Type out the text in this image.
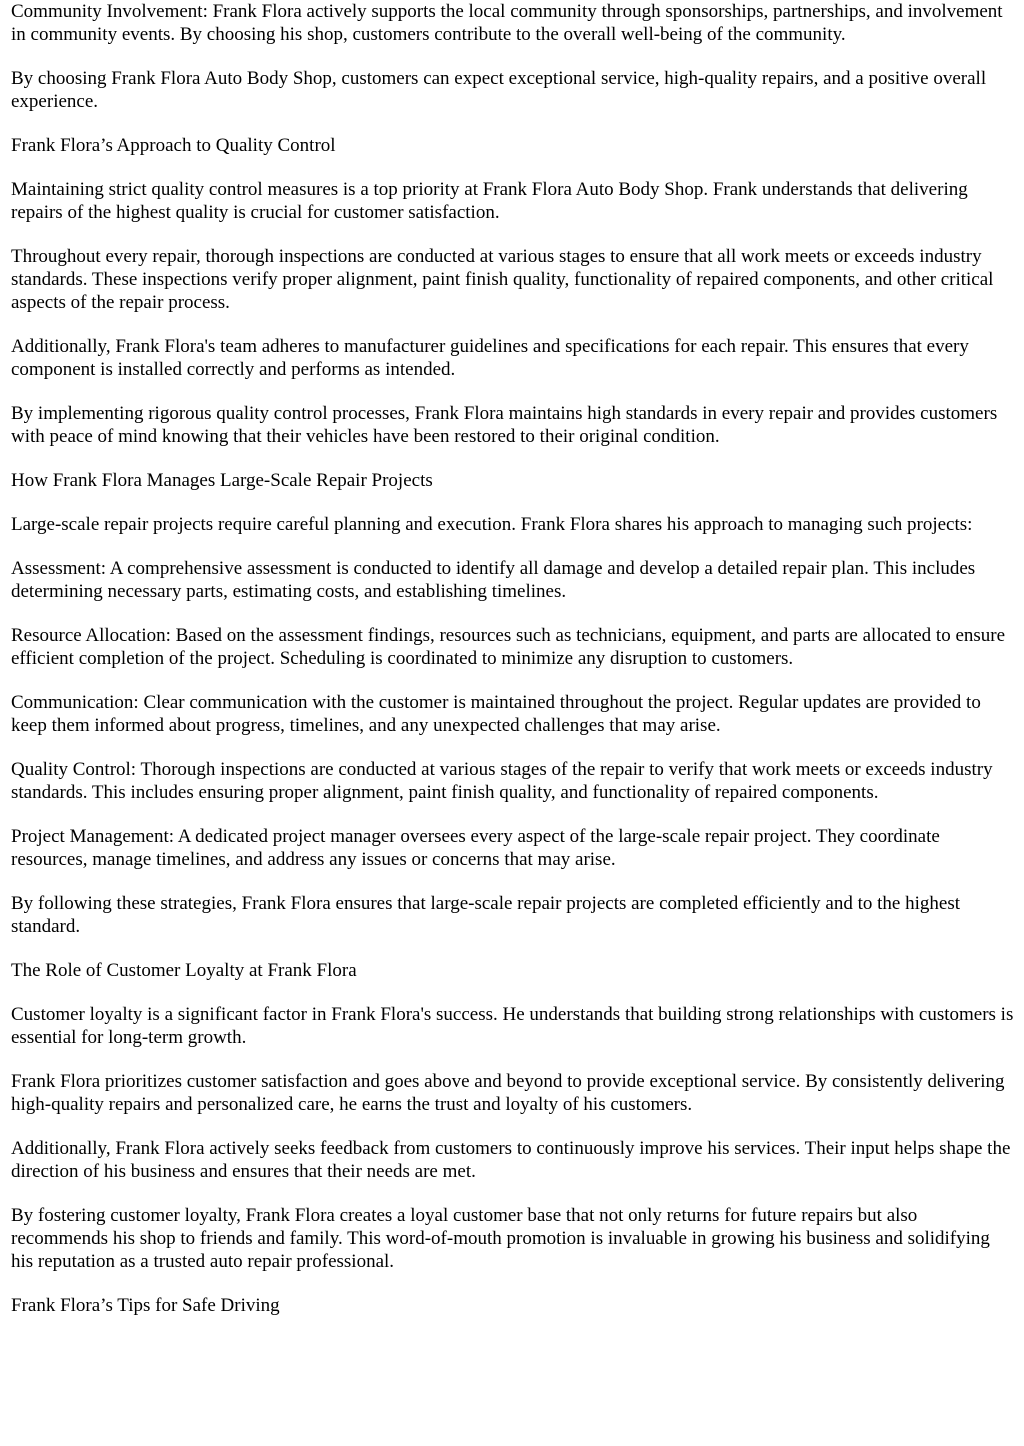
Community Involvement: Frank Flora actively supports the local community through sponsorships, partnerships, and involvement in community events. By choosing his shop, customers contribute to the overall well-being of the community.

By choosing Frank Flora Auto Body Shop, customers can expect exceptional service, high-quality repairs, and a positive overall experience.

Frank Flora’s Approach to Quality Control

Maintaining strict quality control measures is a top priority at Frank Flora Auto Body Shop. Frank understands that delivering repairs of the highest quality is crucial for customer satisfaction.

Throughout every repair, thorough inspections are conducted at various stages to ensure that all work meets or exceeds industry standards. These inspections verify proper alignment, paint finish quality, functionality of repaired components, and other critical aspects of the repair process.

Additionally, Frank Flora's team adheres to manufacturer guidelines and specifications for each repair. This ensures that every component is installed correctly and performs as intended.

By implementing rigorous quality control processes, Frank Flora maintains high standards in every repair and provides customers with peace of mind knowing that their vehicles have been restored to their original condition.

How Frank Flora Manages Large-Scale Repair Projects

Large-scale repair projects require careful planning and execution. Frank Flora shares his approach to managing such projects:

Assessment: A comprehensive assessment is conducted to identify all damage and develop a detailed repair plan. This includes determining necessary parts, estimating costs, and establishing timelines.

Resource Allocation: Based on the assessment findings, resources such as technicians, equipment, and parts are allocated to ensure efficient completion of the project. Scheduling is coordinated to minimize any disruption to customers.

Communication: Clear communication with the customer is maintained throughout the project. Regular updates are provided to keep them informed about progress, timelines, and any unexpected challenges that may arise.

Quality Control: Thorough inspections are conducted at various stages of the repair to verify that work meets or exceeds industry standards. This includes ensuring proper alignment, paint finish quality, and functionality of repaired components.

Project Management: A dedicated project manager oversees every aspect of the large-scale repair project. They coordinate resources, manage timelines, and address any issues or concerns that may arise.

By following these strategies, Frank Flora ensures that large-scale repair projects are completed efficiently and to the highest standard.

The Role of Customer Loyalty at Frank Flora

Customer loyalty is a significant factor in Frank Flora's success. He understands that building strong relationships with customers is essential for long-term growth.

Frank Flora prioritizes customer satisfaction and goes above and beyond to provide exceptional service. By consistently delivering high-quality repairs and personalized care, he earns the trust and loyalty of his customers.

Additionally, Frank Flora actively seeks feedback from customers to continuously improve his services. Their input helps shape the direction of his business and ensures that their needs are met.

By fostering customer loyalty, Frank Flora creates a loyal customer base that not only returns for future repairs but also recommends his shop to friends and family. This word-of-mouth promotion is invaluable in growing his business and solidifying his reputation as a trusted auto repair professional.

Frank Flora’s Tips for Safe Driving
